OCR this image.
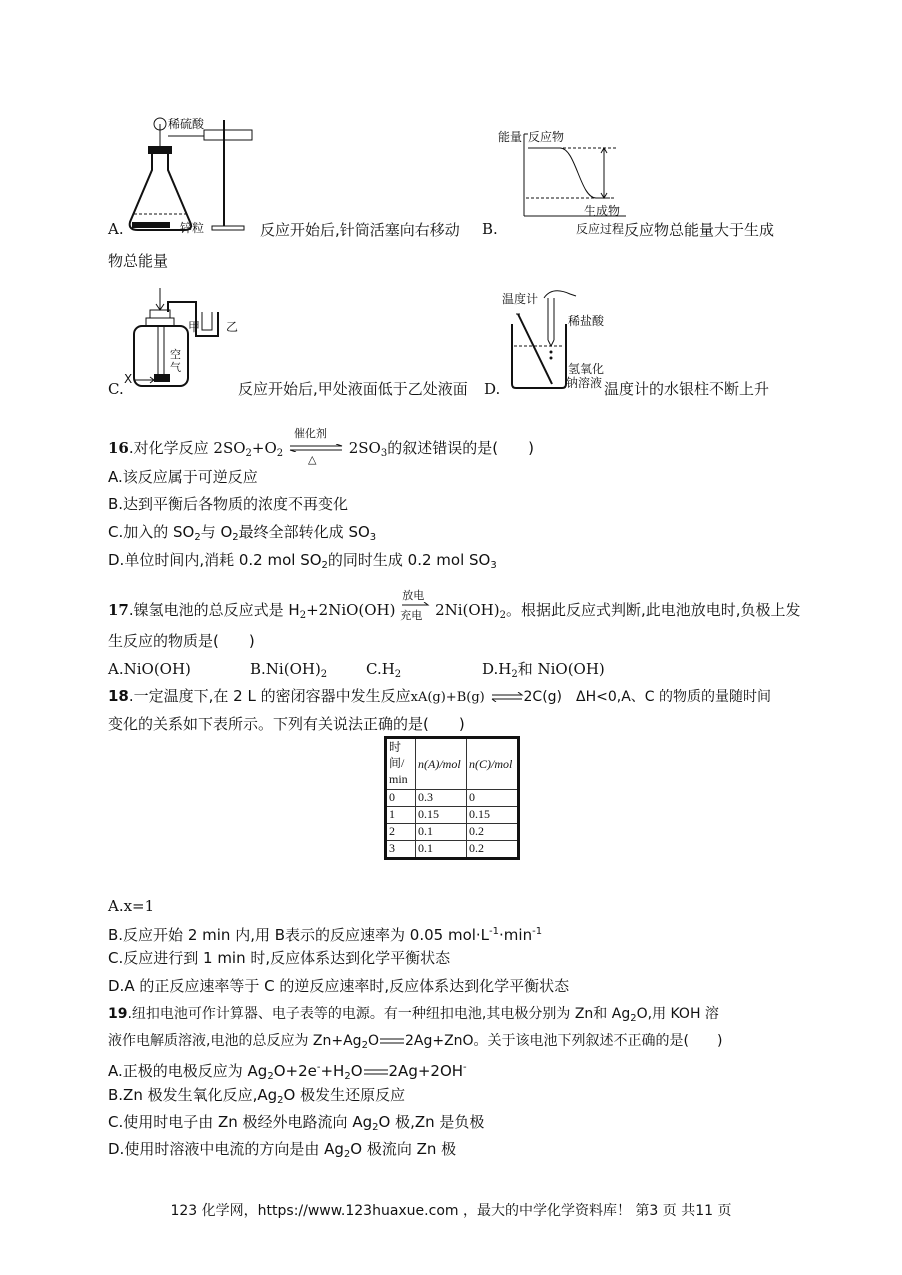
稀硫酸
锌粒
A.	反应开始后,针筒活塞向右移动
能量 反应物
生成物
反应过程
B.	反应物总能量大于生成
物总能量
甲 乙
空气
X
C.	反应开始后,甲处液面低于乙处液面
温度计
稀盐酸
氢氧化
钠溶液
D.	温度计的水银柱不断上升
16.对化学反应 $2SO_2+O_2$
催化剂
△
$2SO_3$的叙述错误的是(　　)
A.该反应属于可逆反应
B.达到平衡后各物质的浓度不再变化
C.加入的 $SO_2$与 $O_2$最终全部转化成 $SO_3$
D.单位时间内,消耗 0.2 mol $SO_2$的同时生成 0.2 mol $SO_3$
17.镍氢电池的总反应式是 $H_2+2NiO(OH)$
放电
充电 $2Ni(OH)_2$。根据此反应式判断,此电池放电时,负极上发
生反应的物质是(　　)
A.NiO(OH)	$B.Ni(OH)_2$	$C.H_2$	$D.H_2$和 NiO(OH)
18.一定温度下,在 2 L 的密闭容器中发生反应xA(g)+B(g)	2C(g)　ΔH<0,A、C 的物质的量随时间
变化的关系如下表所示。下列有关说法正确的是(　　)
时间/min	n(A)/mol	n(C)/mol
0	0.3	0
1	0.15	0.15
2	0.1	0.2
3	0.1	0.2
A.x=1
B.反应开始 2 min 内,用 B表示的反应速率为 0.05 $mol\cdot L^{-1}\cdot\min^{-1}$
C.反应进行到 1 min 时,反应体系达到化学平衡状态
D.A 的正反应速率等于 C 的逆反应速率时,反应体系达到化学平衡状态
19.纽扣电池可作计算器、电子表等的电源。有一种纽扣电池,其电极分别为 Zn和 $Ag_2O$,用 KOH 溶
液作电解质溶液,电池的总反应为 $Zn+Ag_2O$ 2Ag+ZnO。关于该电池下列叙述不正确的是(　　)
A.正极的电极反应为 $Ag_2O+2e^-+H_2O$ 2Ag+2OH-
B.Zn 极发生氧化反应$,Ag_2O$ 极发生还原反应
C.使用时电子由 Zn 极经外电路流向 $Ag_2O$ 极,Zn 是负极
D.使用时溶液中电流的方向是由 $Ag_2O$ 极流向 Zn 极
123 化学网，https://www.123huaxue.com ，最大的中学化学资料库！ 第3 页 共11 页
